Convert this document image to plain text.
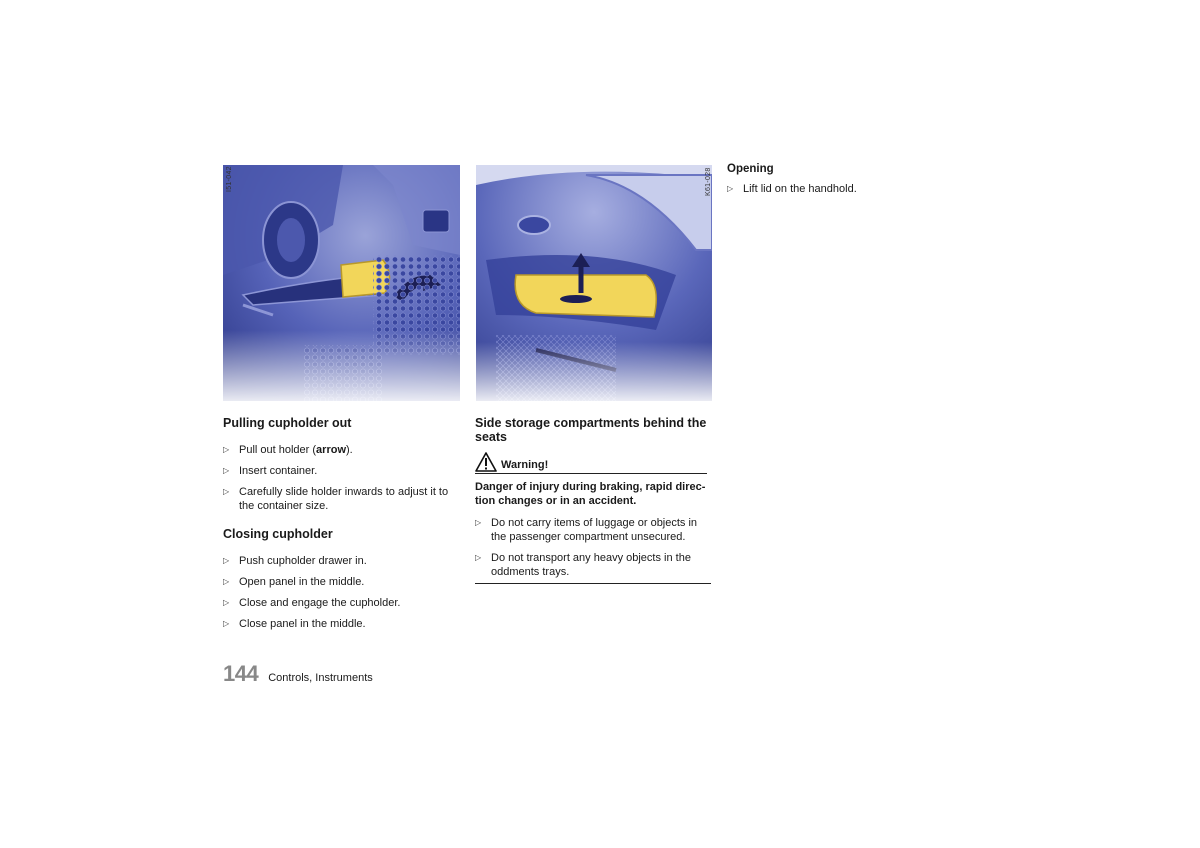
I51-042	K61-028
Pulling cupholder out
▷ Pull out holder (arrow).
▷ Insert container.
▷ Carefully slide holder inwards to adjust it to the container size.
Closing cupholder
▷ Push cupholder drawer in.
▷ Open panel in the middle.
▷ Close and engage the cupholder.
▷ Close panel in the middle.
Side storage compartments behind the seats
Warning!
Danger of injury during braking, rapid direction changes or in an accident.
▷ Do not carry items of luggage or objects in the passenger compartment unsecured.
▷ Do not transport any heavy objects in the oddments trays.
Opening
▷ Lift lid on the handhold.
144 Controls, Instruments
